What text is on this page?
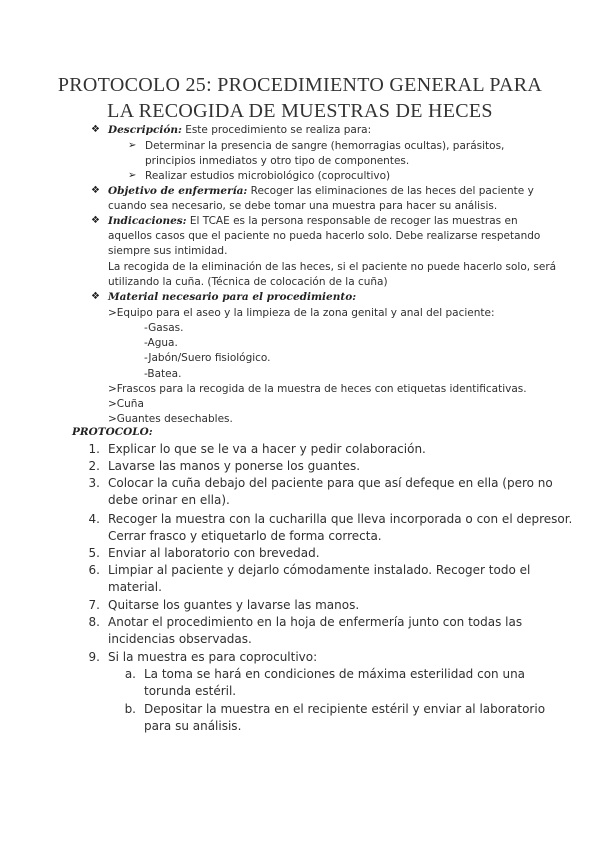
PROTOCOLO 25: PROCEDIMIENTO GENERAL PARA
LA RECOGIDA DE MUESTRAS DE HECES
❖ Descripción: Este procedimiento se realiza para:
➢ Determinar la presencia de sangre (hemorragias ocultas), parásitos,
principios inmediatos y otro tipo de componentes.
➢ Realizar estudios microbiológico (coprocultivo)
❖ Objetivo de enfermería: Recoger las eliminaciones de las heces del paciente y
cuando sea necesario, se debe tomar una muestra para hacer su análisis.
❖ Indicaciones: El TCAE es la persona responsable de recoger las muestras en
aquellos casos que el paciente no pueda hacerlo solo. Debe realizarse respetando
siempre sus intimidad.
La recogida de la eliminación de las heces, si el paciente no puede hacerlo solo, será
utilizando la cuña. (Técnica de colocación de la cuña)
❖ Material necesario para el procedimiento:
>Equipo para el aseo y la limpieza de la zona genital y anal del paciente:
-Gasas.
-Agua.
-Jabón/Suero fisiológico.
-Batea.
>Frascos para la recogida de la muestra de heces con etiquetas identificativas.
>Cuña
>Guantes desechables.
PROTOCOLO:
1. Explicar lo que se le va a hacer y pedir colaboración.
2. Lavarse las manos y ponerse los guantes.
3. Colocar la cuña debajo del paciente para que así defeque en ella (pero no
debe orinar en ella).
4. Recoger la muestra con la cucharilla que lleva incorporada o con el depresor.
Cerrar frasco y etiquetarlo de forma correcta.
5. Enviar al laboratorio con brevedad.
6. Limpiar al paciente y dejarlo cómodamente instalado. Recoger todo el
material.
7. Quitarse los guantes y lavarse las manos.
8. Anotar el procedimiento en la hoja de enfermería junto con todas las
incidencias observadas.
9. Si la muestra es para coprocultivo:
a. La toma se hará en condiciones de máxima esterilidad con una
torunda estéril.
b. Depositar la muestra en el recipiente estéril y enviar al laboratorio
para su análisis.
